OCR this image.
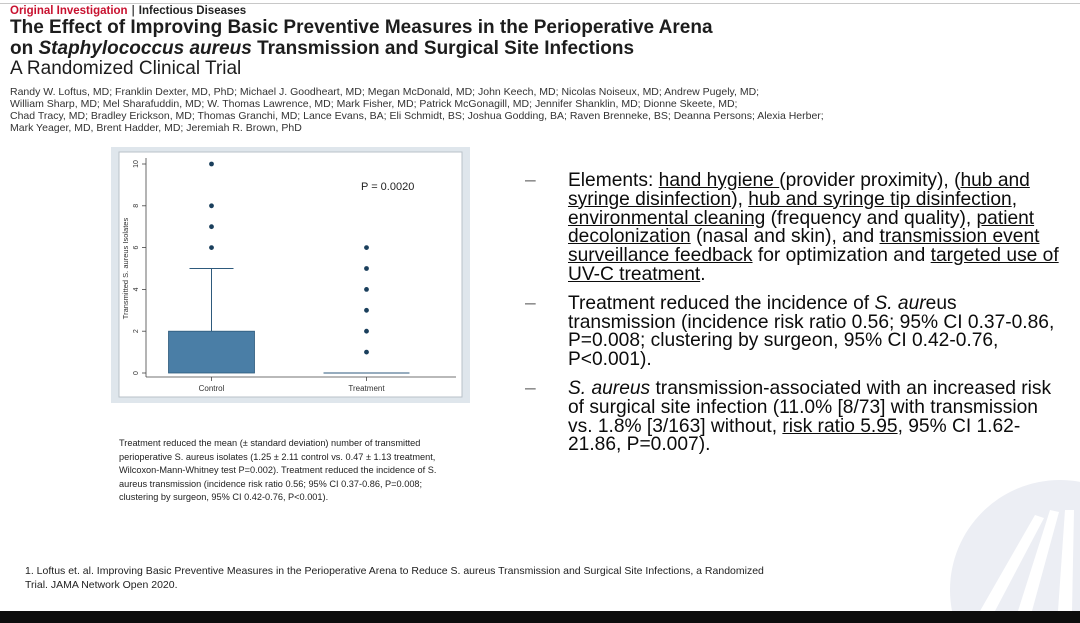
Original Investigation | Infectious Diseases
The Effect of Improving Basic Preventive Measures in the Perioperative Arena
on Staphylococcus aureus Transmission and Surgical Site Infections
A Randomized Clinical Trial
Randy W. Loftus, MD; Franklin Dexter, MD, PhD; Michael J. Goodheart, MD; Megan McDonald, MD; John Keech, MD; Nicolas Noiseux, MD; Andrew Pugely, MD;
William Sharp, MD; Mel Sharafuddin, MD; W. Thomas Lawrence, MD; Mark Fisher, MD; Patrick McGonagill, MD; Jennifer Shanklin, MD; Dionne Skeete, MD;
Chad Tracy, MD; Bradley Erickson, MD; Thomas Granchi, MD; Lance Evans, BA; Eli Schmidt, BS; Joshua Godding, BA; Raven Brenneke, BS; Deanna Persons; Alexia Herber;
Mark Yeager, MD, Brent Hadder, MD; Jeremiah R. Brown, PhD
0
2
4
6
8
10
Transmitted S. aureus Isolates
Control	Treatment
P = 0.0020
Treatment reduced the mean (± standard deviation) number of transmitted perioperative S. aureus isolates (1.25 ± 2.11 control vs. 0.47 ± 1.13 treatment, Wilcoxon-Mann-Whitney test P=0.002). Treatment reduced the incidence of S. aureus transmission (incidence risk ratio 0.56; 95% CI 0.37-0.86, P=0.008; clustering by surgeon, 95% CI 0.42-0.76, P<0.001).
– Elements: hand hygiene (provider proximity), (hub and syringe disinfection), hub and syringe tip disinfection, environmental cleaning (frequency and quality), patient decolonization (nasal and skin), and transmission event surveillance feedback for optimization and targeted use of UV-C treatment.
– Treatment reduced the incidence of S. aureus transmission (incidence risk ratio 0.56; 95% CI 0.37-0.86, P=0.008; clustering by surgeon, 95% CI 0.42-0.76, P<0.001).
– S. aureus transmission-associated with an increased risk of surgical site infection (11.0% [8/73] with transmission vs. 1.8% [3/163] without, risk ratio 5.95, 95% CI 1.62-21.86, P=0.007).
1. Loftus et. al. Improving Basic Preventive Measures in the Perioperative Arena to Reduce S. aureus Transmission and Surgical Site Infections, a Randomized Trial. JAMA Network Open 2020.
